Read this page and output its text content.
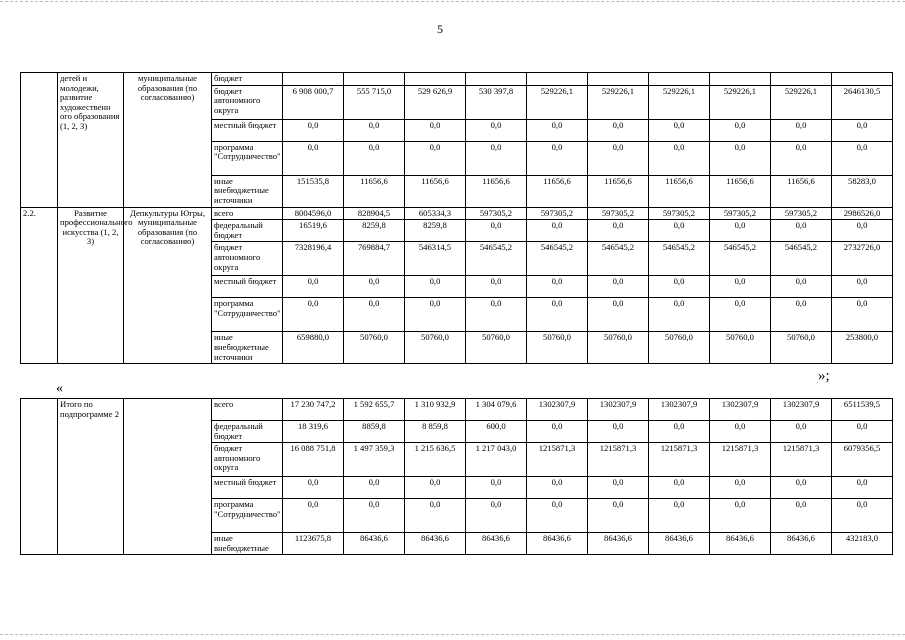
5
	детей и молодежи, развитие художественн ого образования (1, 2, 3)	муниципальные образования (по согласованию)	бюджет										
			бюджет автономного округа	6 908 000,7	555 715,0	529 626,9	530 397,8	529226,1	529226,1	529226,1	529226,1	529226,1	2646130,5
			местный бюджет	0,0	0,0	0,0	0,0	0,0	0,0	0,0	0,0	0,0	0,0
			программа "Сотрудничество"	0,0	0,0	0,0	0,0	0,0	0,0	0,0	0,0	0,0	0,0
			иные внебюджетные источники	151535,8	11656,6	11656,6	11656,6	11656,6	11656,6	11656,6	11656,6	11656,6	58283,0
2.2.	Развитие профессионального искусства (1, 2, 3)	Депкультуры Югры, муниципальные образования (по согласованию)	всего	8004596,0	828904,5	605334,3	597305,2	597305,2	597305,2	597305,2	597305,2	597305,2	2986526,0
			федеральный бюджет	16519,6	8259,8	8259,8	0,0	0,0	0,0	0,0	0,0	0,0	0,0
			бюджет автономного округа	7328196,4	769884,7	546314,5	546545,2	546545,2	546545,2	546545,2	546545,2	546545,2	2732726,0
			местный бюджет	0,0	0,0	0,0	0,0	0,0	0,0	0,0	0,0	0,0	0,0
			программа "Сотрудничество"	0,0	0,0	0,0	0,0	0,0	0,0	0,0	0,0	0,0	0,0
			иные внебюджетные источники	659880,0	50760,0	50760,0	50760,0	50760,0	50760,0	50760,0	50760,0	50760,0	253800,0
»;
«
	Итого по подпрограмме 2		всего	17 230 747,2	1 592 655,7	1 310 932,9	1 304 079,6	1302307,9	1302307,9	1302307,9	1302307,9	1302307,9	6511539,5
			федеральный бюджет	18 319,6	8859,8	8 859,8	600,0	0,0	0,0	0,0	0,0	0,0	0,0
			бюджет автономного округа	16 088 751,8	1 497 359,3	1 215 636,5	1 217 043,0	1215871,3	1215871,3	1215871,3	1215871,3	1215871,3	6079356,5
			местный бюджет	0,0	0,0	0,0	0,0	0,0	0,0	0,0	0,0	0,0	0,0
			программа "Сотрудничество"	0,0	0,0	0,0	0,0	0,0	0,0	0,0	0,0	0,0	0,0
			иные внебюджетные	1123675,8	86436,6	86436,6	86436,6	86436,6	86436,6	86436,6	86436,6	86436,6	432183,0
